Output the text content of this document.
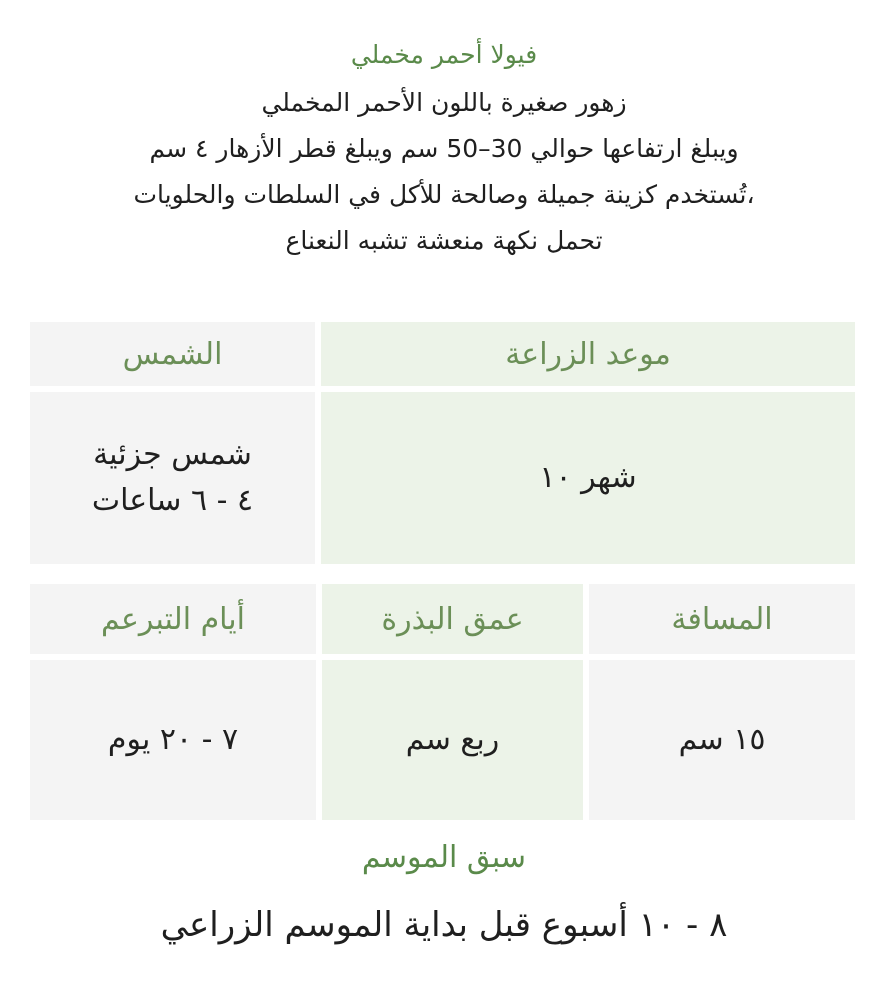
فيولا أحمر مخملي
زهور صغيرة باللون الأحمر المخملي
ويبلغ ارتفاعها حوالي 30–50 سم ويبلغ قطر الأزهار ٤ سم
،تُستخدم كزينة جميلة وصالحة للأكل في السلطات والحلويات
تحمل نكهة منعشة تشبه النعناع
موعد الزراعة
الشمس
شهر ١٠
شمس جزئية
٤ - ٦ ساعات
المسافة
عمق البذرة
أيام التبرعم
١٥ سم
ربع سم
٧ - ٢٠ يوم
سبق الموسم
٨ - ١٠ أسبوع قبل بداية الموسم الزراعي
